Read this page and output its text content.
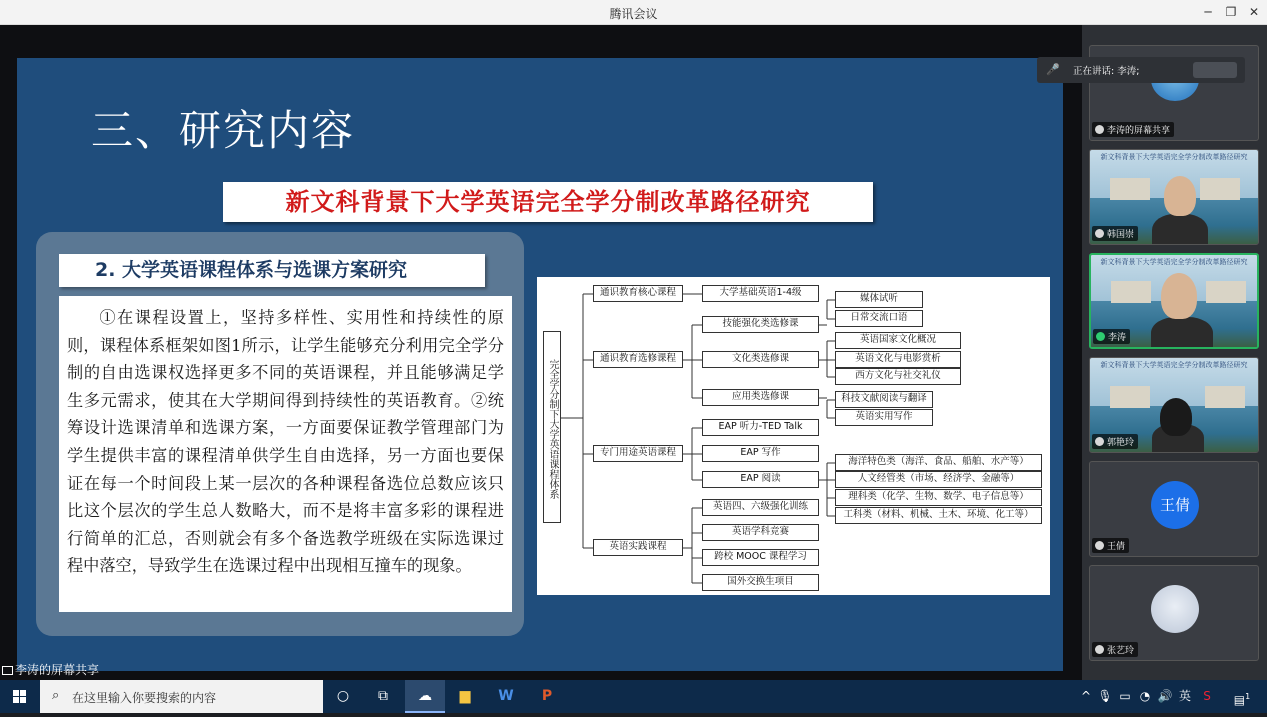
腾讯会议	─	❐	✕
三、研究内容
新文科背景下大学英语完全学分制改革路径研究
2. 大学英语课程体系与选课方案研究

①在课程设置上，坚持多样性、实用性和持续性的原则，课程体系框架如图1所示，让学生能够充分利用完全学分制的自由选课权选择更多不同的英语课程，并且能够满足学生多元需求，使其在大学期间得到持续性的英语教育。②统筹设计选课清单和选课方案，一方面要保证教学管理部门为学生提供丰富的课程清单供学生自由选择，另一方面也要保证在每一个时间段上某一层次的各种课程备选位总数应该只比这个层次的学生总人数略大，而不是将丰富多彩的课程进行简单的汇总，否则就会有多个备选教学班级在实际选课过程中落空，导致学生在选课过程中出现相互撞车的现象。

完全学分制下大学英语课程体系
通识教育核心课程
通识教育选修课程
专门用途英语课程
英语实践课程
大学基础英语1-4级
技能强化类选修课
文化类选修课
应用类选修课
EAP 听力-TED Talk
EAP 写作
EAP 阅读
英语四、六级强化训练
英语学科竞赛
跨校 MOOC 课程学习
国外交换生项目
媒体试听
日常交流口语
英语国家文化概况
英语文化与电影赏析
西方文化与社交礼仪
科技文献阅读与翻译
英语实用写作
海洋特色类（海洋、食品、船舶、水产等）
人文经管类（市场、经济学、金融等）
理科类（化学、生物、数学、电子信息等）
工科类（材料、机械、土木、环境、化工等）
李涛的屏幕共享
李涛的屏幕共享
🎤 正在讲话: 李涛;
新文科背景下大学英语完全学分制改革路径研究
韩国崇
新文科背景下大学英语完全学分制改革路径研究
李涛
新文科背景下大学英语完全学分制改革路径研究
郭艳玲
王倩
王倩
张艺玲
⌕ 在这里输入你要搜索的内容	○	⧉	☁	▆	W	P	^ 🎙 ▭ ◔ 🔊 英	S	▤$^1$
